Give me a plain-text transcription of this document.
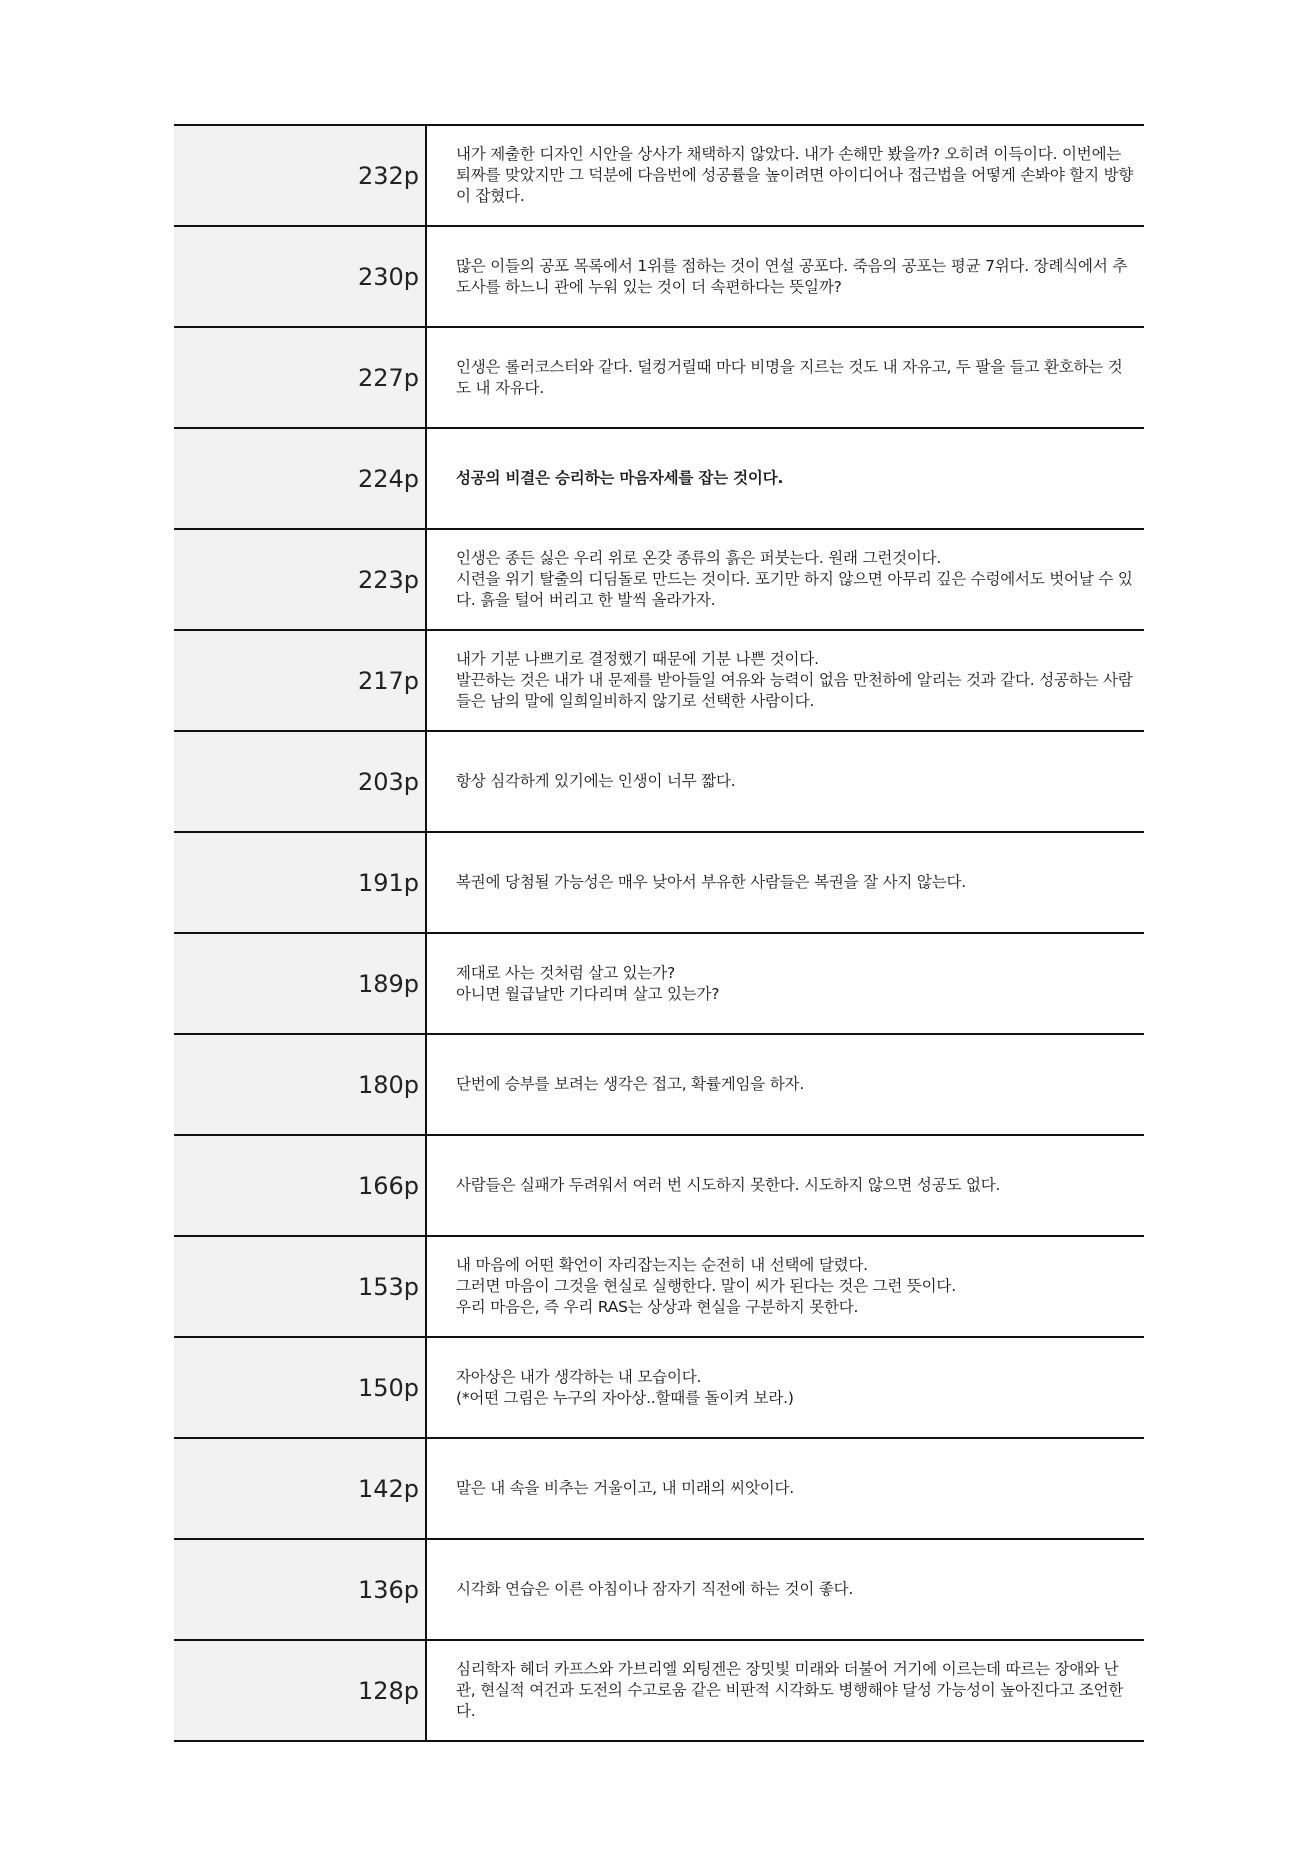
232p	내가 제출한 디자인 시안을 상사가 채택하지 않았다. 내가 손해만 봤을까? 오히려 이득이다. 이번에는 퇴짜를 맞았지만 그 덕분에 다음번에 성공률을 높이려면 아이디어나 접근법을 어떻게 손봐야 할지 방향이 잡혔다.
230p	많은 이들의 공포 목록에서 1위를 점하는 것이 연설 공포다. 죽음의 공포는 평균 7위다. 장례식에서 추도사를 하느니 관에 누워 있는 것이 더 속편하다는 뜻일까?
227p	인생은 롤러코스터와 같다. 덜컹거릴때 마다 비명을 지르는 것도 내 자유고, 두 팔을 들고 환호하는 것도 내 자유다.
224p	성공의 비결은 승리하는 마음자세를 잡는 것이다.
223p	인생은 종든 싫은 우리 위로 온갖 종류의 흙은 퍼붓는다. 원래 그런것이다.
시련을 위기 탈출의 디딤돌로 만드는 것이다. 포기만 하지 않으면 아무리 깊은 수렁에서도 벗어날 수 있다. 흙을 털어 버리고 한 발씩 올라가자.
217p	내가 기분 나쁘기로 결정했기 때문에 기분 나쁜 것이다.
발끈하는 것은 내가 내 문제를 받아들일 여유와 능력이 없음 만천하에 알리는 것과 같다. 성공하는 사람들은 남의 말에 일희일비하지 않기로 선택한 사람이다.
203p	항상 심각하게 있기에는 인생이 너무 짧다.
191p	복권에 당첨될 가능성은 매우 낮아서 부유한 사람들은 복권을 잘 사지 않는다.
189p	제대로 사는 것처럼 살고 있는가?
아니면 월급날만 기다리며 살고 있는가?
180p	단번에 승부를 보려는 생각은 접고, 확률게임을 하자.
166p	사람들은 실패가 두려워서 여러 번 시도하지 못한다. 시도하지 않으면 성공도 없다.
153p	내 마음에 어떤 확언이 자리잡는지는 순전히 내 선택에 달렸다.
그러면 마음이 그것을 현실로 실행한다. 말이 씨가 된다는 것은 그런 뜻이다.
우리 마음은, 즉 우리 RAS는 상상과 현실을 구분하지 못한다.
150p	자아상은 내가 생각하는 내 모습이다.
(*어떤 그림은 누구의 자아상..할때를 돌이켜 보라.)
142p	말은 내 속을 비추는 거울이고, 내 미래의 씨앗이다.
136p	시각화 연습은 이른 아침이나 잠자기 직전에 하는 것이 좋다.
128p	심리학자 헤더 카프스와 가브리엘 외팅겐은 장밋빛 미래와 더불어 거기에 이르는데 따르는 장애와 난관, 현실적 여건과 도전의 수고로움 같은 비판적 시각화도 병행해야 달성 가능성이 높아진다고 조언한다.
